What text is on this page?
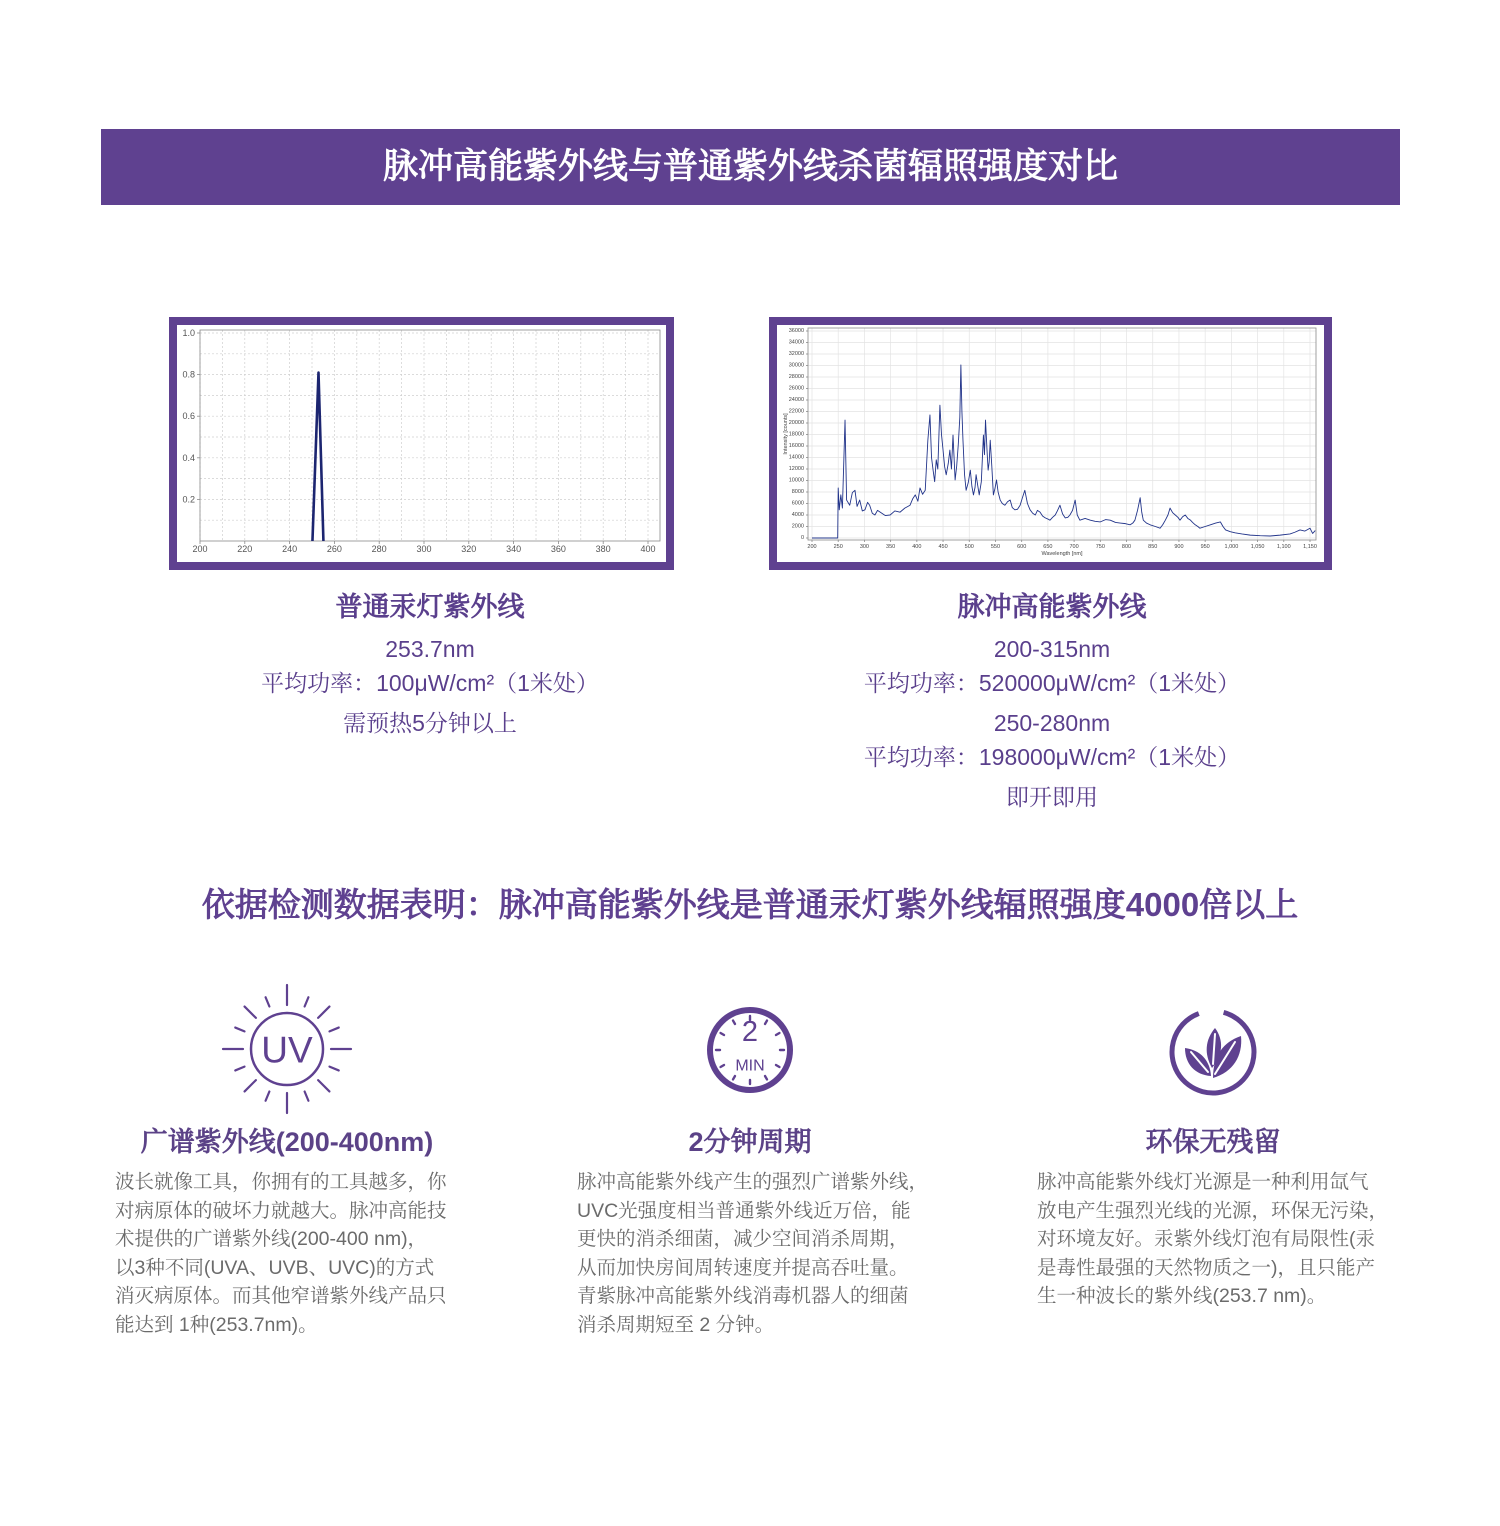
脉冲高能紫外线与普通紫外线杀菌辐照强度对比
200	220	240	260	280	300	320	340	360	380	400
0.2
0.4
0.6
0.8
1.0
200	250	300	350	400	450	500	550	600	650	700	750	800	850	900	950	1,000 1,050 1,100 1,150
0
2000
4000
6000
8000
10000
12000
14000
16000
18000
20000
22000
24000
26000
28000
30000
32000
34000
36000
Wavelength [nm]
Intensity [counts]
普通汞灯紫外线
253.7nm
平均功率：100μW/cm²（1米处）
需预热5分钟以上
脉冲高能紫外线
200-315nm
平均功率：520000μW/cm²（1米处）
250-280nm
平均功率：198000μW/cm²（1米处）
即开即用
依据检测数据表明：脉冲高能紫外线是普通汞灯紫外线辐照强度4000倍以上
UV	2
MIN
广谱紫外线(200-400nm)	2分钟周期	环保无残留
波长就像工具，你拥有的工具越多，你
对病原体的破坏力就越大。脉冲高能技
术提供的广谱紫外线(200-400 nm)，
以3种不同(UVA、UVB、UVC)的方式
消灭病原体。而其他窄谱紫外线产品只
能达到 1种(253.7nm)。
脉冲高能紫外线产生的强烈广谱紫外线，
UVC光强度相当普通紫外线近万倍，能
更快的消杀细菌，减少空间消杀周期，
从而加快房间周转速度并提高吞吐量。
青紫脉冲高能紫外线消毒机器人的细菌
消杀周期短至 2 分钟。
脉冲高能紫外线灯光源是一种利用氙气
放电产生强烈光线的光源，环保无污染，
对环境友好。汞紫外线灯泡有局限性(汞
是毒性最强的天然物质之一)，且只能产
生一种波长的紫外线(253.7 nm)。
